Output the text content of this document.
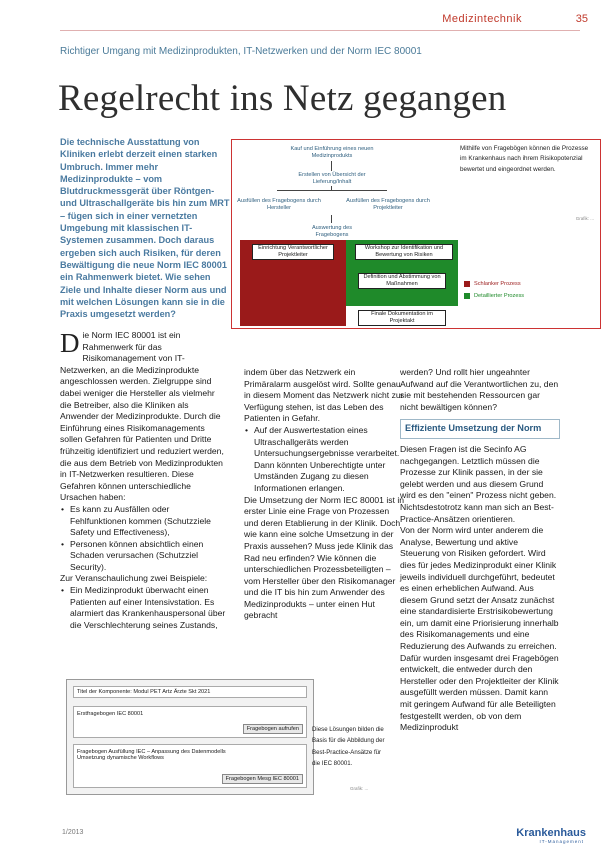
Medizintechnik	35
Richtiger Umgang mit Medizinprodukten, IT-Netzwerken und der Norm IEC 80001
Regelrecht ins Netz gegangen
Die technische Ausstattung von Kliniken erlebt derzeit einen starken Umbruch. Immer mehr Medizinprodukte – vom Blutdruckmessgerät über Röntgen- und Ultraschallgeräte bis hin zum MRT – fügen sich in einer vernetzten Umgebung mit klassischen IT-Systemen zusammen. Doch daraus ergeben sich auch Risiken, für deren Bewältigung die neue Norm IEC 80001 ein Rahmenwerk bietet. Wie sehen Ziele und Inhalte dieser Norm aus und mit welchen Lösungen kann sie in die Praxis umgesetzt werden?
Kauf und Einführung eines neuen Medizinprodukts
Erstellen von Übersicht der Lieferung/Inhalt
Ausfüllen des Fragebogens durch Hersteller
Ausfüllen des Fragebogens durch Projektleiter
Auswertung des Fragebogens
Mithilfe von Fragebögen können die Prozesse im Krankenhaus nach ihrem Risikopotenzial bewertet und eingeordnet werden.
Grafik: ...
Einrichtung Verantwortlicher Projektleiter
Workshop zur Identifikation und Bewertung von Risiken
Definition und Abstimmung von Maßnahmen
Finale Dokumentation im Projektakt
Schlanker Prozess
Detaillierter Prozess

Die Norm IEC 80001 ist ein Rahmenwerk für das Risikomanagement von IT-Netzwerken, an die Medizinprodukte angeschlossen werden. Zielgruppe sind dabei weniger die Hersteller als vielmehr die Betreiber, also die Kliniken als Anwender der Medizinprodukte. Durch die Einführung eines Risikomanagements sollen Gefahren für Patienten und Dritte frühzeitig identifiziert und reduziert werden, die aus dem Betrieb von Medizinprodukten in IT-Netzwerken resultieren. Diese Gefahren können unterschiedliche Ursachen haben:

• Es kann zu Ausfällen oder Fehlfunktionen kommen (Schutzziele Safety und Effectiveness),
• Personen können absichtlich einen Schaden verursachen (Schutzziel Security).

Zur Veranschaulichung zwei Beispiele:

• Ein Medizinprodukt überwacht einen Patienten auf einer Intensivstation. Es alarmiert das Krankenhauspersonal über die Verschlechterung seines Zustands,

indem über das Netzwerk ein Primäralarm ausgelöst wird. Sollte genau in diesem Moment das Netzwerk nicht zur Verfügung stehen, ist das Leben des Patienten in Gefahr.

• Auf der Auswertestation eines Ultraschallgeräts werden Untersuchungsergebnisse verarbeitet. Dann könnten Unberechtigte unter Umständen Zugang zu diesen Informationen erlangen.

Die Umsetzung der Norm IEC 80001 ist in erster Linie eine Frage von Prozessen und deren Etablierung in der Klinik. Doch wie kann eine solche Umsetzung in der Praxis aussehen? Muss jede Klinik das Rad neu erfinden? Wie können die unterschiedlichen Prozessbeteiligten – vom Hersteller über den Risikomanager und die IT bis hin zum Anwender des Medizinprodukts – unter einen Hut gebracht

werden? Und rollt hier ungeahnter Aufwand auf die Verantwortlichen zu, den sie mit bestehenden Ressourcen gar nicht bewältigen können?

Effiziente Umsetzung der Norm

Diesen Fragen ist die Secinfo AG nachgegangen. Letztlich müssen die Prozesse zur Klinik passen, in der sie gelebt werden und aus diesem Grund wird es den "einen" Prozess nicht geben. Nichtsdestotrotz kann man sich an Best-Practice-Ansätzen orientieren.

Von der Norm wird unter anderem die Analyse, Bewertung und aktive Steuerung von Risiken gefordert. Wird dies für jedes Medizinprodukt einer Klinik jeweils individuell durchgeführt, bedeutet es einen erheblichen Aufwand. Aus diesem Grund setzt der Ansatz zunächst eine standardisierte Erstrisikobewertung ein, um damit eine Priorisierung innerhalb des Risikomanagements und eine Reduzierung des Aufwands zu erreichen. Dafür wurden insgesamt drei Fragebögen entwickelt, die entweder durch den Hersteller oder den Projektleiter der Klinik ausgefüllt werden müssen. Damit kann mit geringem Aufwand für alle Beteiligten festgestellt werden, ob von dem Medizinprodukt

Titel der Komponente: Modul PET Artz Ärzte Skt 2021
Erstfragebogen IEC 80001
Fragebogen aufrufen
Fragebogen Ausfüllung IEC – Anpassung des Datenmodells Umsetzung dynamische Workflows
Fragebogen Mesg IEC 80001
Diese Lösungen bilden die Basis für die Abbildung der Best-Practice-Ansätze für die IEC 80001.
Grafik: ...
1/2013	Krankenhaus
IT-Management
